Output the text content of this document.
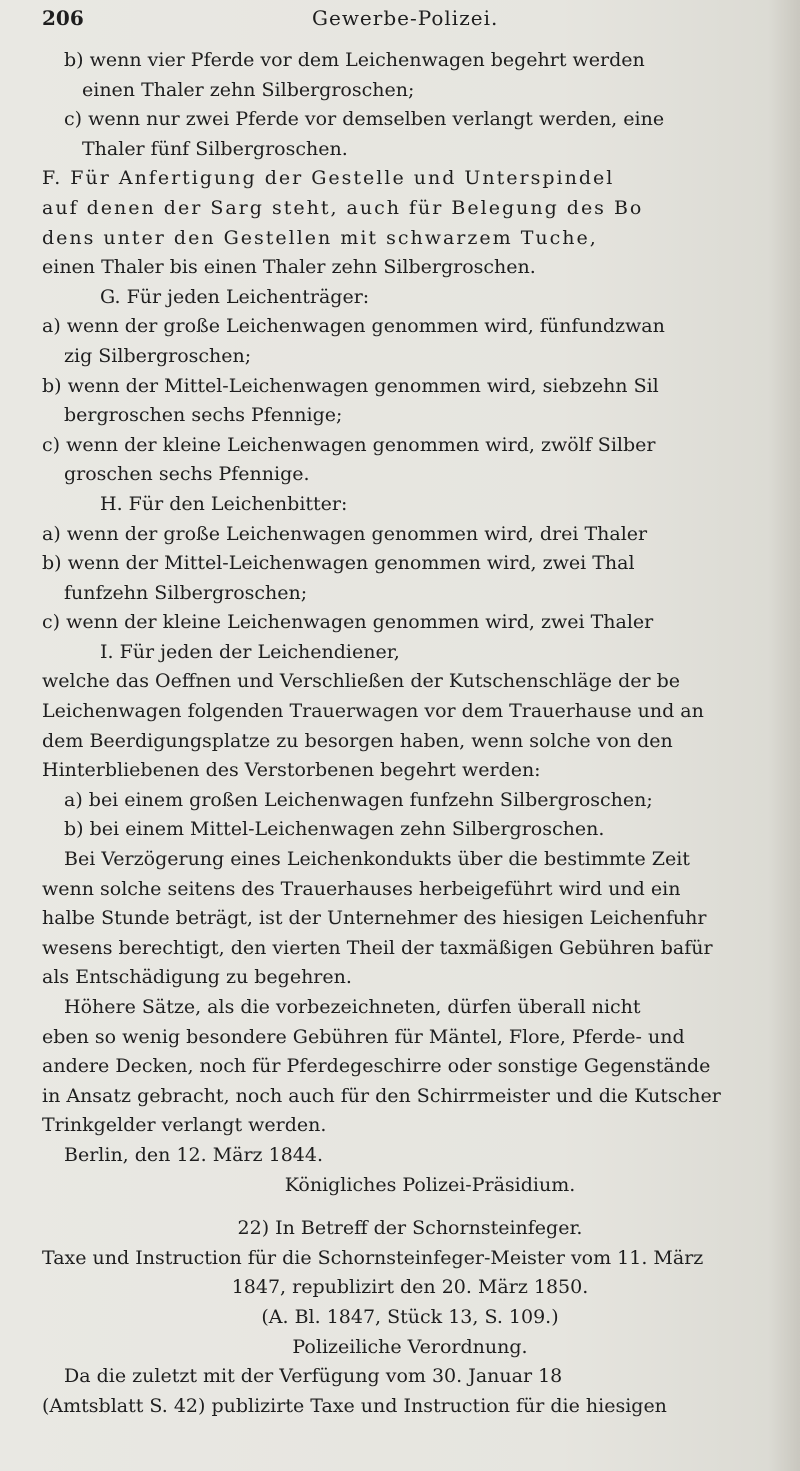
206	Gewerbe-Polizei.
b) wenn vier Pferde vor dem Leichenwagen begehrt werden
einen Thaler zehn Silbergroschen;
c) wenn nur zwei Pferde vor demselben verlangt werden, eine
Thaler fünf Silbergroschen.
F. Für Anfertigung der Gestelle und Unterspindel
auf denen der Sarg steht, auch für Belegung des Bo
dens unter den Gestellen mit schwarzem Tuche,
einen Thaler bis einen Thaler zehn Silbergroschen.
G. Für jeden Leichenträger:
a) wenn der große Leichenwagen genommen wird, fünfundzwan
zig Silbergroschen;
b) wenn der Mittel-Leichenwagen genommen wird, siebzehn Sil
bergroschen sechs Pfennige;
c) wenn der kleine Leichenwagen genommen wird, zwölf Silber
groschen sechs Pfennige.
H. Für den Leichenbitter:
a) wenn der große Leichenwagen genommen wird, drei Thaler
b) wenn der Mittel-Leichenwagen genommen wird, zwei Thal
funfzehn Silbergroschen;
c) wenn der kleine Leichenwagen genommen wird, zwei Thaler
I. Für jeden der Leichendiener,
welche das Oeffnen und Verschließen der Kutschenschläge der be
Leichenwagen folgenden Trauerwagen vor dem Trauerhause und an
dem Beerdigungsplatze zu besorgen haben, wenn solche von den
Hinterbliebenen des Verstorbenen begehrt werden:
a) bei einem großen Leichenwagen funfzehn Silbergroschen;
b) bei einem Mittel-Leichenwagen zehn Silbergroschen.
Bei Verzögerung eines Leichenkondukts über die bestimmte Zeit
wenn solche seitens des Trauerhauses herbeigeführt wird und ein
halbe Stunde beträgt, ist der Unternehmer des hiesigen Leichenfuhr
wesens berechtigt, den vierten Theil der taxmäßigen Gebühren bafür
als Entschädigung zu begehren.
Höhere Sätze, als die vorbezeichneten, dürfen überall nicht
eben so wenig besondere Gebühren für Mäntel, Flore, Pferde- und
andere Decken, noch für Pferdegeschirre oder sonstige Gegenstände
in Ansatz gebracht, noch auch für den Schirrmeister und die Kutscher
Trinkgelder verlangt werden.
Berlin, den 12. März 1844.
Königliches Polizei-Präsidium.
22) In Betreff der Schornsteinfeger.
Taxe und Instruction für die Schornsteinfeger-Meister vom 11. März
1847, republizirt den 20. März 1850.
(A. Bl. 1847, Stück 13, S. 109.)
Polizeiliche Verordnung.
Da die zuletzt mit der Verfügung vom 30. Januar 18
(Amtsblatt S. 42) publizirte Taxe und Instruction für die hiesigen
